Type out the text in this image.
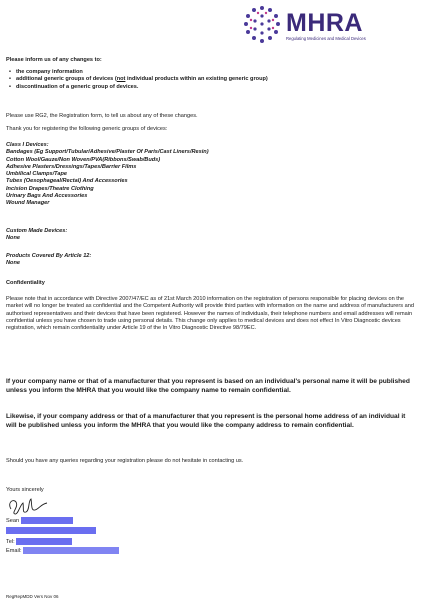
MHRA
Regulating Medicines and Medical Devices

Please inform us of any changes to:

• the company information
• additional generic groups of devices (not individual products within an existing generic group)
• discontinuation of a generic group of devices.

Please use RG2, the Registration form, to tell us about any of these changes.

Thank you for registering the following generic groups of devices:

Class I Devices:
Bandages (Eg Support/Tubular/Adhesive/Plaster Of Paris/Cast Liners/Resin)
Cotton Wool/Gauze/Non Woven/PVA(Ribbons/Swab/Buds)
Adhesive Plasters/Dressings/Tapes/Barrier Films
Umbilical Clamps/Tape
Tubes (Oesophageal/Rectal) And Accessories
Incision Drapes/Theatre Clothing
Urinary Bags And Accessories
Wound Manager
Custom Made Devices:
None
Products Covered By Article 12:
None

Confidentiality

Please note that in accordance with Directive 2007/47/EC as of 21st March 2010 information on the registration of persons responsible for placing devices on the market will no longer be treated as confidential and the Competent Authority will provide third parties with information on the name and address of manufacturers and authorised representatives and their devices that have been registered. However the names of individuals, their telephone numbers and email addresses will remain confidential unless you have chosen to trade using personal details. This change only applies to medical devices and does not effect In Vitro Diagnostic devices registration, which remain confidentiality under Article 19 of the In Vitro Diagnostic Directive 98/79EC.

If your company name or that of a manufacturer that you represent is based on an individual's personal name it will be published unless you inform the MHRA that you would like the company name to remain confidential.

Likewise, if your company address or that of a manufacturer that you represent is the personal home address of an individual it will be published unless you inform the MHRA that you would like the company address to remain confidential.

Should you have any queries regarding your registration please do not hesitate in contacting us.

Yours sincerely

Sean
Tel:
Email:

RegRepMDD Vers Nov 06
